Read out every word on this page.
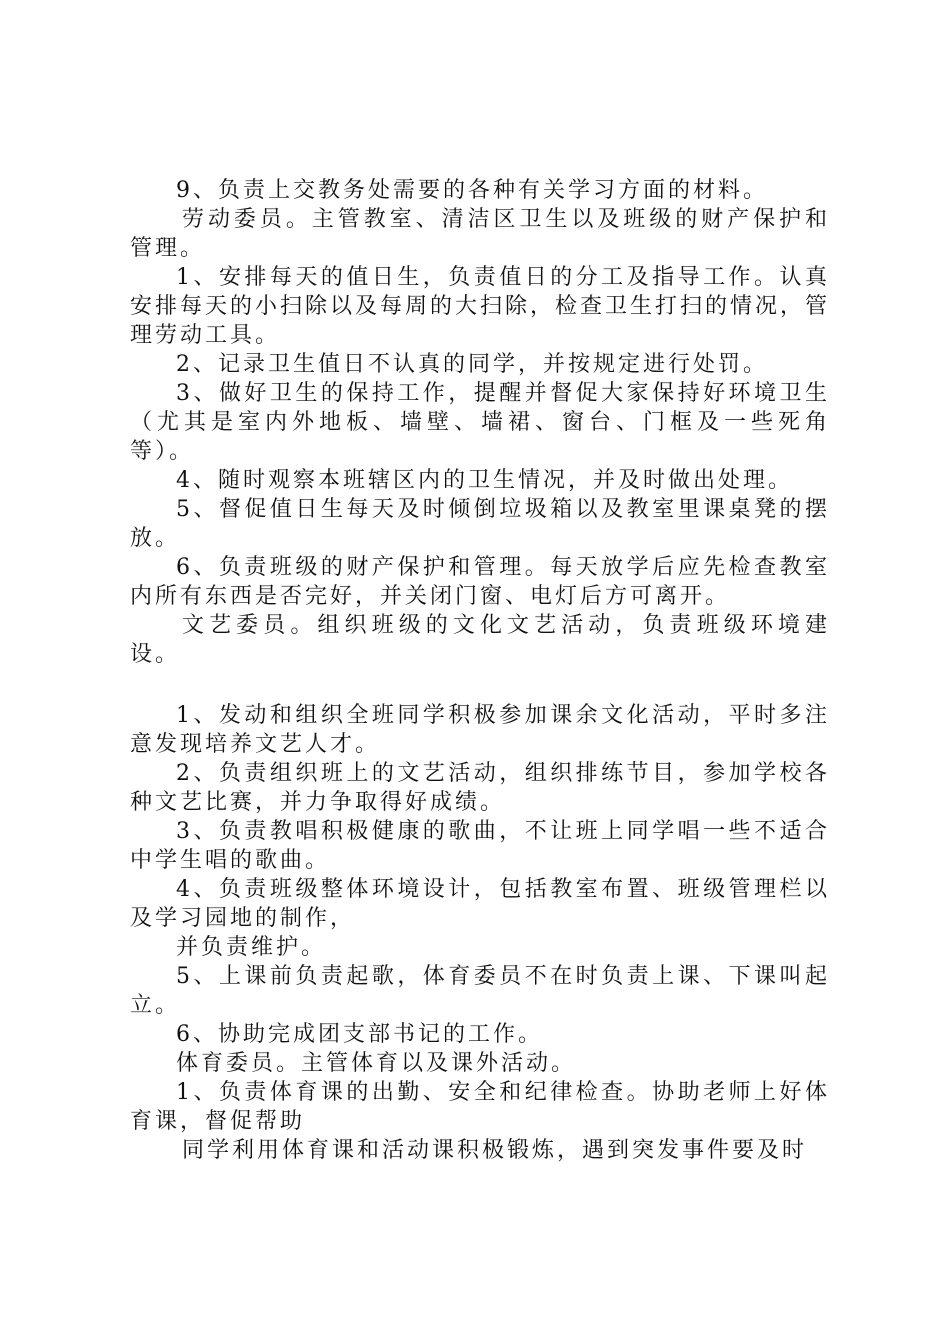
9、负责上交教务处需要的各种有关学习方面的材料。

劳动委员。主管教室、清洁区卫生以及班级的财产保护和管理。

1、安排每天的值日生，负责值日的分工及指导工作。认真安排每天的小扫除以及每周的大扫除，检查卫生打扫的情况，管理劳动工具。

2、记录卫生值日不认真的同学，并按规定进行处罚。

3、做好卫生的保持工作，提醒并督促大家保持好环境卫生（尤其是室内外地板、墙壁、墙裙、窗台、门框及一些死角等）。

4、随时观察本班辖区内的卫生情况，并及时做出处理。

5、督促值日生每天及时倾倒垃圾箱以及教室里课桌凳的摆放。

6、负责班级的财产保护和管理。每天放学后应先检查教室内所有东西是否完好，并关闭门窗、电灯后方可离开。

文艺委员。组织班级的文化文艺活动，负责班级环境建设。

1、发动和组织全班同学积极参加课余文化活动，平时多注意发现培养文艺人才。

2、负责组织班上的文艺活动，组织排练节目，参加学校各种文艺比赛，并力争取得好成绩。

3、负责教唱积极健康的歌曲，不让班上同学唱一些不适合中学生唱的歌曲。

4、负责班级整体环境设计，包括教室布置、班级管理栏以及学习园地的制作，

并负责维护。

5、上课前负责起歌，体育委员不在时负责上课、下课叫起立。

6、协助完成团支部书记的工作。

体育委员。主管体育以及课外活动。

1、负责体育课的出勤、安全和纪律检查。协助老师上好体育课，督促帮助

同学利用体育课和活动课积极锻炼，遇到突发事件要及时
